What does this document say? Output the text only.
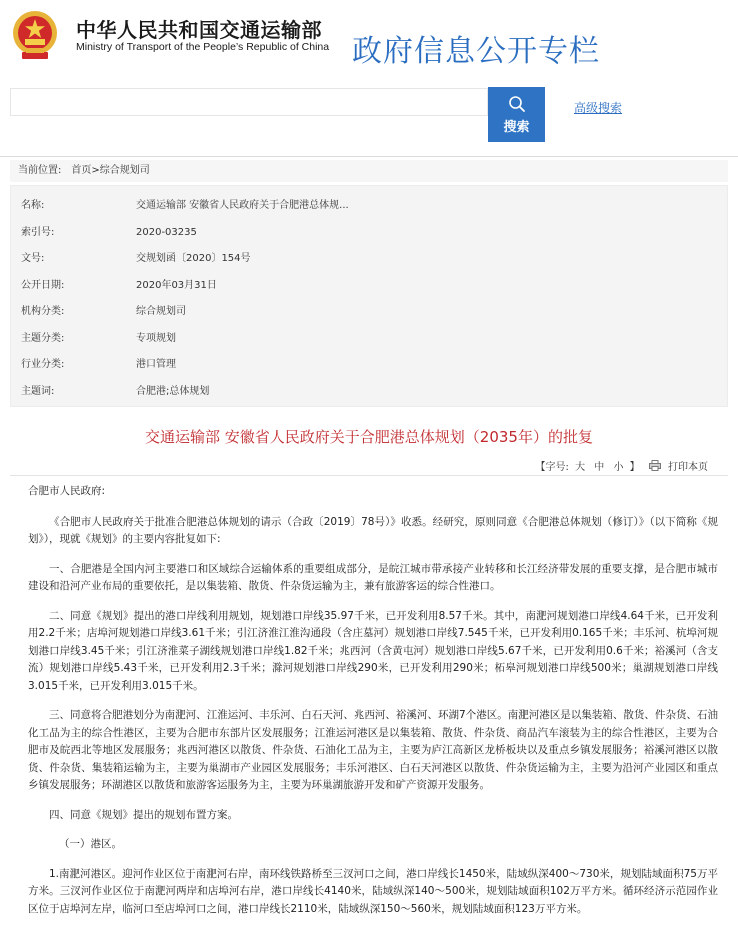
中华人民共和国交通运输部
Ministry of Transport of the People’s Republic of China 政府信息公开专栏
搜索
高级搜索
当前位置: 首页>综合规划司
名称:	交通运输部 安徽省人民政府关于合肥港总体规...
索引号:	2020-03235
文号:	交规划函〔2020〕154号
公开日期:	2020年03月31日
机构分类:	综合规划司
主题分类:	专项规划
行业分类:	港口管理
主题词:	合肥港;总体规划
交通运输部 安徽省人民政府关于合肥港总体规划（2035年）的批复
【字号: 大 中 小 】	打印本页

合肥市人民政府:

《合肥市人民政府关于批准合肥港总体规划的请示（合政〔2019〕78号）》收悉。经研究，原则同意《合肥港总体规划（修订）》（以下简称《规划》），现就《规划》的主要内容批复如下:

一、合肥港是全国内河主要港口和区域综合运输体系的重要组成部分，是皖江城市带承接产业转移和长江经济带发展的重要支撑，是合肥市城市建设和沿河产业布局的重要依托，是以集装箱、散货、件杂货运输为主，兼有旅游客运的综合性港口。

二、同意《规划》提出的港口岸线利用规划，规划港口岸线35.97千米，已开发利用8.57千米。其中，南淝河规划港口岸线4.64千米，已开发利用2.2千米；店埠河规划港口岸线3.61千米；引江济淮江淮沟通段（含庄墓河）规划港口岸线7.545千米，已开发利用0.165千米；丰乐河、杭埠河规划港口岸线3.45千米；引江济淮菜子湖线规划港口岸线1.82千米；兆西河（含黄屯河）规划港口岸线5.67千米，已开发利用0.6千米；裕溪河（含支流）规划港口岸线5.43千米，已开发利用2.3千米；滁河规划港口岸线290米，已开发利用290米；柘皋河规划港口岸线500米；巢湖规划港口岸线3.015千米，已开发利用3.015千米。

三、同意将合肥港划分为南淝河、江淮运河、丰乐河、白石天河、兆西河、裕溪河、环湖7个港区。南淝河港区是以集装箱、散货、件杂货、石油化工品为主的综合性港区，主要为合肥市东部片区发展服务；江淮运河港区是以集装箱、散货、件杂货、商品汽车滚装为主的综合性港区，主要为合肥市及皖西北等地区发展服务；兆西河港区以散货、件杂货、石油化工品为主，主要为庐江高新区龙桥板块以及重点乡镇发展服务；裕溪河港区以散货、件杂货、集装箱运输为主，主要为巢湖市产业园区发展服务；丰乐河港区、白石天河港区以散货、件杂货运输为主，主要为沿河产业园区和重点乡镇发展服务；环湖港区以散货和旅游客运服务为主，主要为环巢湖旅游开发和矿产资源开发服务。

四、同意《规划》提出的规划布置方案。

（一）港区。

1.南淝河港区。迎河作业区位于南淝河右岸，南环线铁路桥至三汊河口之间，港口岸线长1450米，陆域纵深400～730米，规划陆域面积75万平方米。三汊河作业区位于南淝河两岸和店埠河右岸，港口岸线长4140米，陆域纵深140～500米，规划陆域面积102万平方米。循环经济示范园作业区位于店埠河左岸，临河口至店埠河口之间，港口岸线长2110米，陆域纵深150～560米，规划陆域面积123万平方米。
